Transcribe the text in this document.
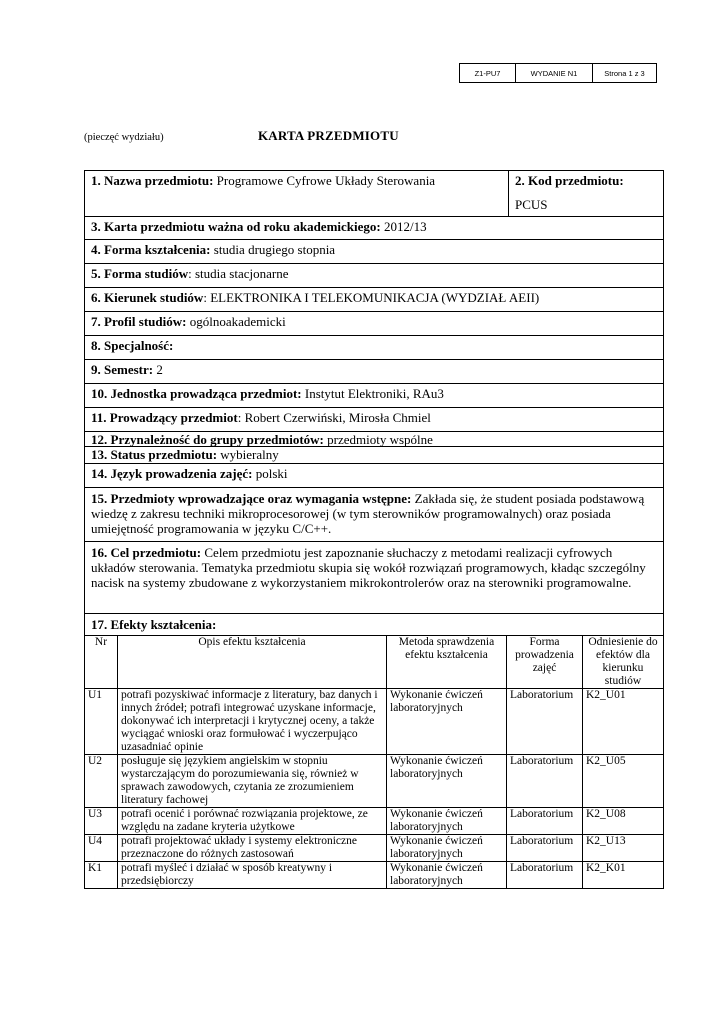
Z1-PU7	WYDANIE N1	Strona 1 z 3
(pieczęć wydziału)	KARTA PRZEDMIOTU
1. Nazwa przedmiotu: Programowe Cyfrowe Układy Sterowania	2. Kod przedmiotu:
PCUS
3. Karta przedmiotu ważna od roku akademickiego: 2012/13
4. Forma kształcenia: studia drugiego stopnia
5. Forma studiów: studia stacjonarne
6. Kierunek studiów: ELEKTRONIKA I TELEKOMUNIKACJA (WYDZIAŁ AEII)
7. Profil studiów: ogólnoakademicki
8. Specjalność:
9. Semestr: 2
10. Jednostka prowadząca przedmiot: Instytut Elektroniki, RAu3
11. Prowadzący przedmiot: Robert Czerwiński, Mirosła Chmiel
12. Przynależność do grupy przedmiotów: przedmioty wspólne
13. Status przedmiotu: wybieralny
14. Język prowadzenia zajęć: polski
15. Przedmioty wprowadzające oraz wymagania wstępne: Zakłada się, że student posiada podstawową wiedzę z zakresu techniki mikroprocesorowej (w tym sterowników programowalnych) oraz posiada umiejętność programowania w języku C/C++.
16. Cel przedmiotu: Celem przedmiotu jest zapoznanie słuchaczy z metodami realizacji cyfrowych układów sterowania. Tematyka przedmiotu skupia się wokół rozwiązań programowych, kładąc szczególny nacisk na systemy zbudowane z wykorzystaniem mikrokontrolerów oraz na sterowniki programowalne.
17. Efekty kształcenia:
Nr	Opis efektu kształcenia	Metoda sprawdzenia efektu kształcenia	Forma prowadzenia zajęć	Odniesienie do efektów dla kierunku studiów
U1	potrafi pozyskiwać informacje z literatury, baz danych i innych źródeł; potrafi integrować uzyskane informacje, dokonywać ich interpretacji i krytycznej oceny, a także wyciągać wnioski oraz formułować i wyczerpująco uzasadniać opinie	Wykonanie ćwiczeń laboratoryjnych	Laboratorium	K2_U01
U2	posługuje się językiem angielskim w stopniu wystarczającym do porozumiewania się, również w sprawach zawodowych, czytania ze zrozumieniem literatury fachowej	Wykonanie ćwiczeń laboratoryjnych	Laboratorium	K2_U05
U3	potrafi ocenić i porównać rozwiązania projektowe, ze względu na zadane kryteria użytkowe	Wykonanie ćwiczeń laboratoryjnych	Laboratorium	K2_U08
U4	potrafi projektować układy i systemy elektroniczne przeznaczone do różnych zastosowań	Wykonanie ćwiczeń laboratoryjnych	Laboratorium	K2_U13
K1	potrafi myśleć i działać w sposób kreatywny i przedsiębiorczy	Wykonanie ćwiczeń laboratoryjnych	Laboratorium	K2_K01
